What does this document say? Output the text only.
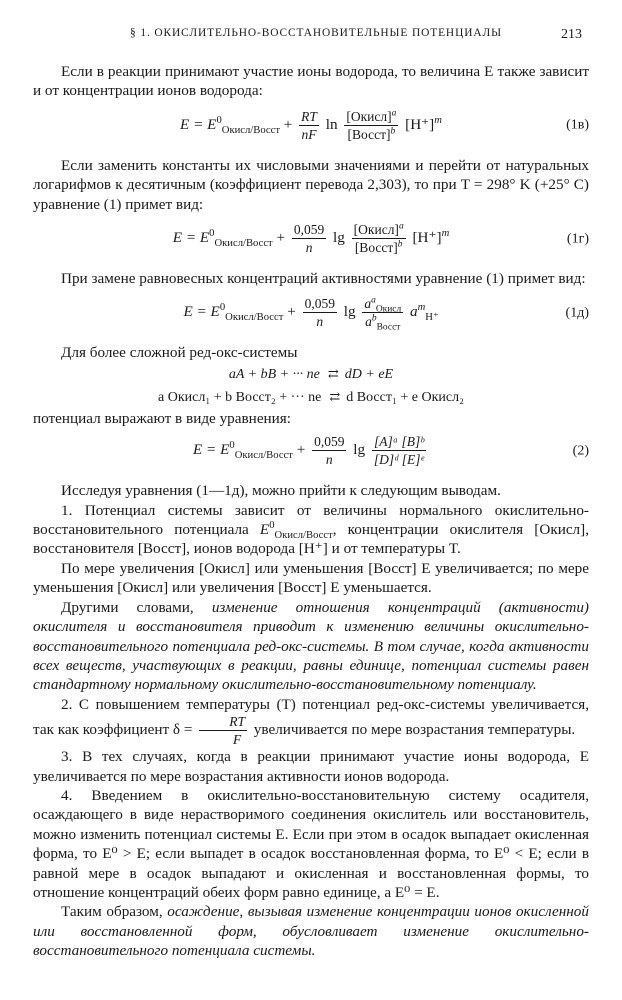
§ 1. ОКИСЛИТЕЛЬНО-ВОССТАНОВИТЕЛЬНЫЕ ПОТЕНЦИАЛЫ	213

Если в реакции принимают участие ионы водорода, то величина E также зависит и от концентрации ионов водорода:

$E = E^0_{Окисл/Восст} + \frac{RT}{nF}$ $\ln \frac{[Окисл]^a}{[Восст]^b} [H^+]^m$	(1в)

Если заменить константы их числовыми значениями и перейти от натуральных логарифмов к десятичным (коэффициент перевода 2,303), то при T = 298° K (+25° C) уравнение (1) примет вид:

$E = E^0_{Окисл/Восст} + \frac{0,059}{n}$ $\lg \frac{[Окисл]^a}{[Восст]^b} [H^+]^m$	(1г)

При замене равновесных концентраций активностями уравнение (1) примет вид:

$E = E^0_{Окисл/Восст} + \frac{0,059}{n}$ $\lg \frac{a^a_{Окисл}}{a^b_{Восст}} a^m_{H^+}$	(1д)

Для более сложной ред-окс-системы

aA + bB + ··· ne ⇄ dD + eE
a Окисл₁ + b Восст₂ + ··· ne ⇄ d Восст₁ + e Окисл₂

потенциал выражают в виде уравнения:

$E = E^0_{Окисл/Восст} + \frac{0,059}{n}$ $\lg \frac{\text{[A]ᵃ [B]ᵇ}}{\text{[D]ᵈ [E]ᵉ}}$	(2)

Исследуя уравнения (1—1д), можно прийти к следующим выводам.

1. Потенциал системы зависит от величины нормального окислительно-восстановительного потенциала $E^0_{Окисл/Восст}$, концентрации окислителя [Окисл], восстановителя [Восст], ионов водорода [H⁺] и от температуры T.

По мере увеличения [Окисл] или уменьшения [Восст] E увеличивается; по мере уменьшения [Окисл] или увеличения [Восст] E уменьшается.

Другими словами, изменение отношения концентраций (активности) окислителя и восстановителя приводит к изменению величины окислительно-восстановительного потенциала ред-окс-системы. В том случае, когда активности всех веществ, участвующих в реакции, равны единице, потенциал системы равен стандартному нормальному окислительно-восстановительному потенциалу.

2. С повышением температуры (T) потенциал ред-окс-системы увеличивается, так как коэффициент $\delta = \frac{RT}{F}$ увеличивается по мере возрастания температуры.

3. В тех случаях, когда в реакции принимают участие ионы водорода, E увеличивается по мере возрастания активности ионов водорода.

4. Введением в окислительно-восстановительную систему осадителя, осаждающего в виде нерастворимого соединения окислитель или восстановитель, можно изменить потенциал системы E. Если при этом в осадок выпадает окисленная форма, то E⁰ > E; если выпадет в осадок восстановленная форма, то E⁰ < E; если в равной мере в осадок выпадают и окисленная и восстановленная формы, то отношение концентраций обеих форм равно единице, а E⁰ = E.

Таким образом, осаждение, вызывая изменение концентрации ионов окисленной или восстановленной форм, обусловливает изменение окислительно-восстановительного потенциала системы.
